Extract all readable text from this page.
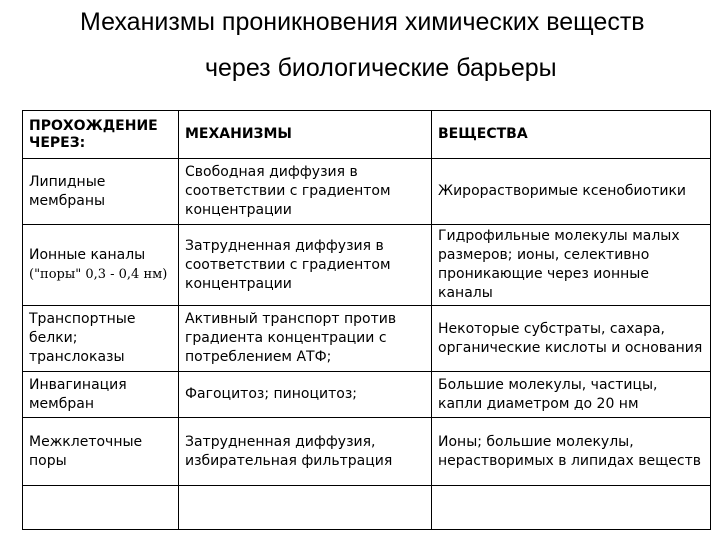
Механизмы проникновения химических веществ
через биологические барьеры
ПРОХОЖДЕНИЕ ЧЕРЕЗ:	МЕХАНИЗМЫ	ВЕЩЕСТВА
Липидные мембраны	Свободная диффузия в соответствии с градиентом концентрации	Жирорастворимые ксенобиотики

Ионные каналы
("поры" 0,3 - 0,4 нм)	Затрудненная диффузия в соответствии с градиентом концентрации	Гидрофильные молекулы малых размеров; ионы, селективно проникающие через ионные каналы
Транспортные белки; транслоказы	Активный транспорт против градиента концентрации с потреблением АТФ;	Некоторые субстраты, сахара, органические кислоты и основания
Инвагинация мембран	Фагоцитоз; пиноцитоз;	Большие молекулы, частицы, капли диаметром до 20 нм
Межклеточные поры	Затрудненная диффузия, избирательная фильтрация	Ионы; большие молекулы, нерастворимых в липидах веществ
